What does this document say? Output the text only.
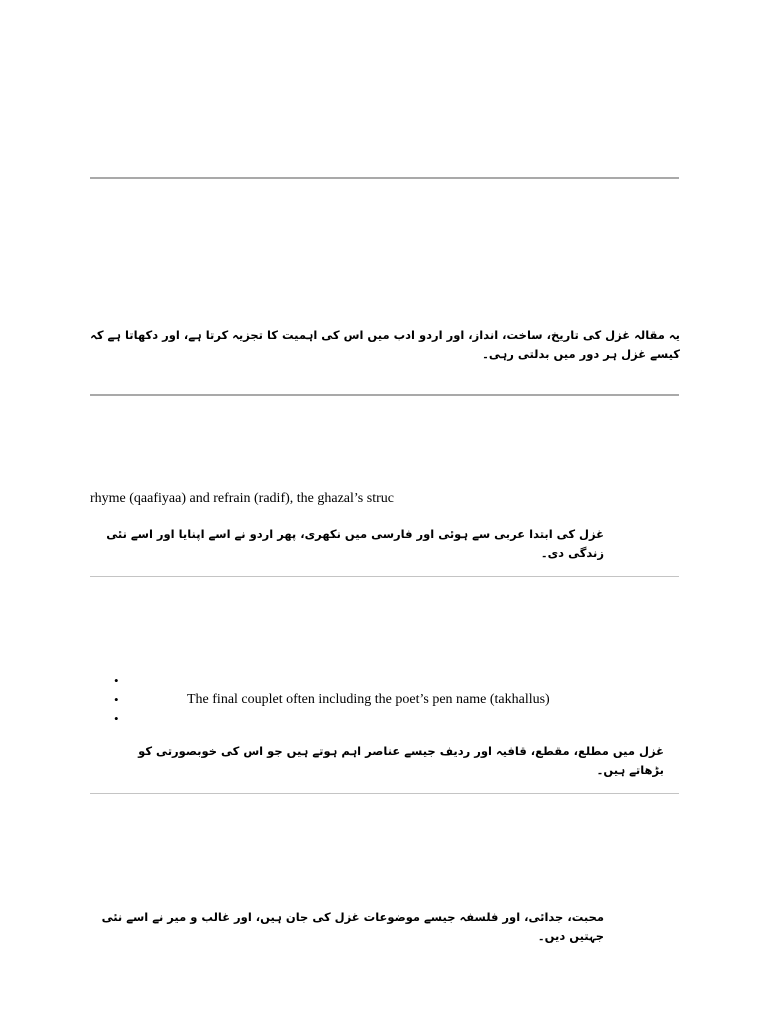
یہ مقالہ غزل کی تاریخ، ساخت، انداز، اور اردو ادب میں اس کی اہمیت کا تجزیہ کرتا ہے، اور دکھاتا ہے کہ کیسے غزل ہر دور میں بدلتی رہی۔

rhyme (qaafiyaa) and refrain (radif), the ghazal’s struc

غزل کی ابتدا عربی سے ہوئی اور فارسی میں نکھری، پھر اردو نے اسے اپنایا اور اسے نئی زندگی دی۔

•
• The final couplet often including the poet’s pen name (takhallus)
•

غزل میں مطلع، مقطع، قافیہ اور ردیف جیسے عناصر اہم ہوتے ہیں جو اس کی خوبصورتی کو بڑھاتے ہیں۔

محبت، جدائی، اور فلسفہ جیسے موضوعات غزل کی جان ہیں، اور غالب و میر نے اسے نئی جہتیں دیں۔
